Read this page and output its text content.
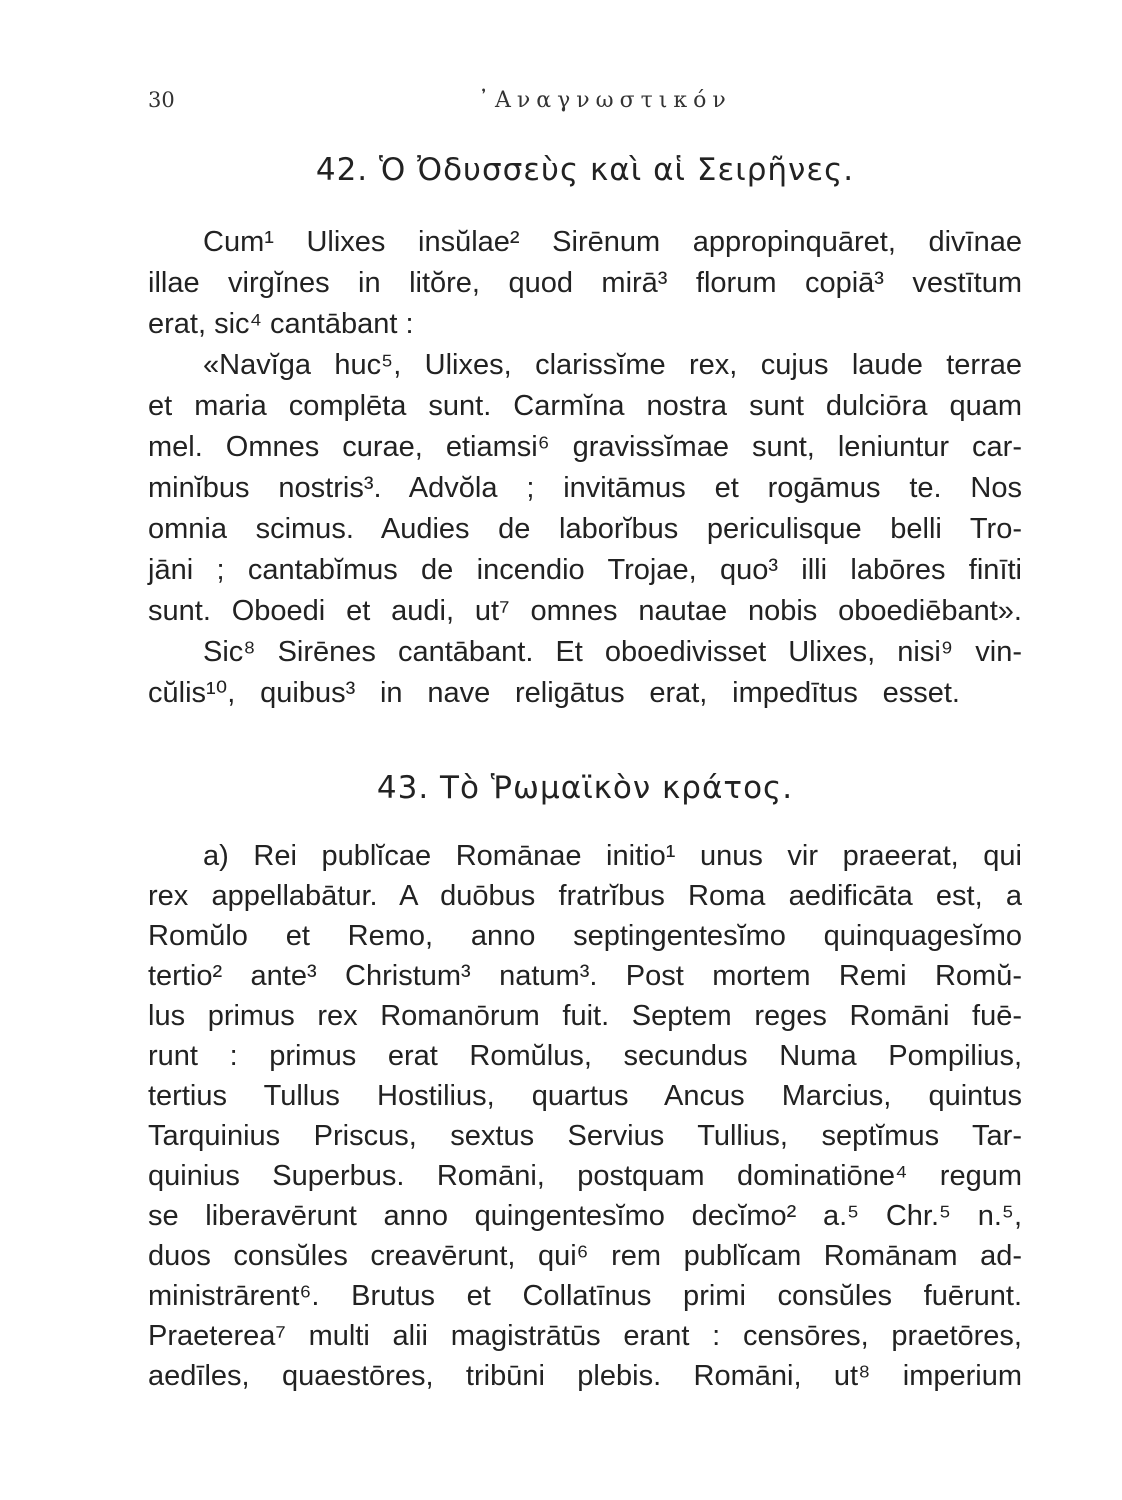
30	᾿Αναγνωστικόν
42. Ὁ Ὀδυσσεὺς καὶ αἱ Σειρῆνες.
Cum¹ Ulixes insŭlae² Sirēnum appropinquāret, divīnae
illae virgĭnes in litŏre, quod mirā³ florum copiā³ vestītum
erat, sic⁴ cantābant :
«Navĭga huc⁵, Ulixes, clarissĭme rex, cujus laude terrae
et maria complēta sunt. Carmĭna nostra sunt dulciōra quam
mel. Omnes curae, etiamsi⁶ gravissĭmae sunt, leniuntur car-
minĭbus nostris³. Advŏla ; invitāmus et rogāmus te. Nos
omnia scimus. Audies de laborĭbus periculisque belli Tro-
jāni ; cantabĭmus de incendio Trojae, quo³ illi labōres finīti
sunt. Oboedi et audi, ut⁷ omnes nautae nobis oboediēbant».
Sic⁸ Sirēnes cantābant. Et oboedivisset Ulixes, nisi⁹ vin-
cŭlis¹⁰, quibus³ in nave religātus erat, impedītus esset.
43. Τὸ Ῥωμαϊκὸν κράτος.
a) Rei publĭcae Romānae initio¹ unus vir praeerat, qui
rex appellabātur. A duōbus fratrĭbus Roma aedificāta est, a
Romŭlo et Remo, anno septingentesĭmo quinquagesĭmo
tertio² ante³ Christum³ natum³. Post mortem Remi Romŭ-
lus primus rex Romanōrum fuit. Septem reges Romāni fuē-
runt : primus erat Romŭlus, secundus Numa Pompilius,
tertius Tullus Hostilius, quartus Ancus Marcius, quintus
Tarquinius Priscus, sextus Servius Tullius, septĭmus Tar-
quinius Superbus. Romāni, postquam dominatiōne⁴ regum
se liberavērunt anno quingentesĭmo decĭmo² a.⁵ Chr.⁵ n.⁵,
duos consŭles creavērunt, qui⁶ rem publĭcam Romānam ad-
ministrārent⁶. Brutus et Collatīnus primi consŭles fuērunt.
Praeterea⁷ multi alii magistrātūs erant : censōres, praetōres,
aedīles, quaestōres, tribūni plebis. Romāni, ut⁸ imperium
